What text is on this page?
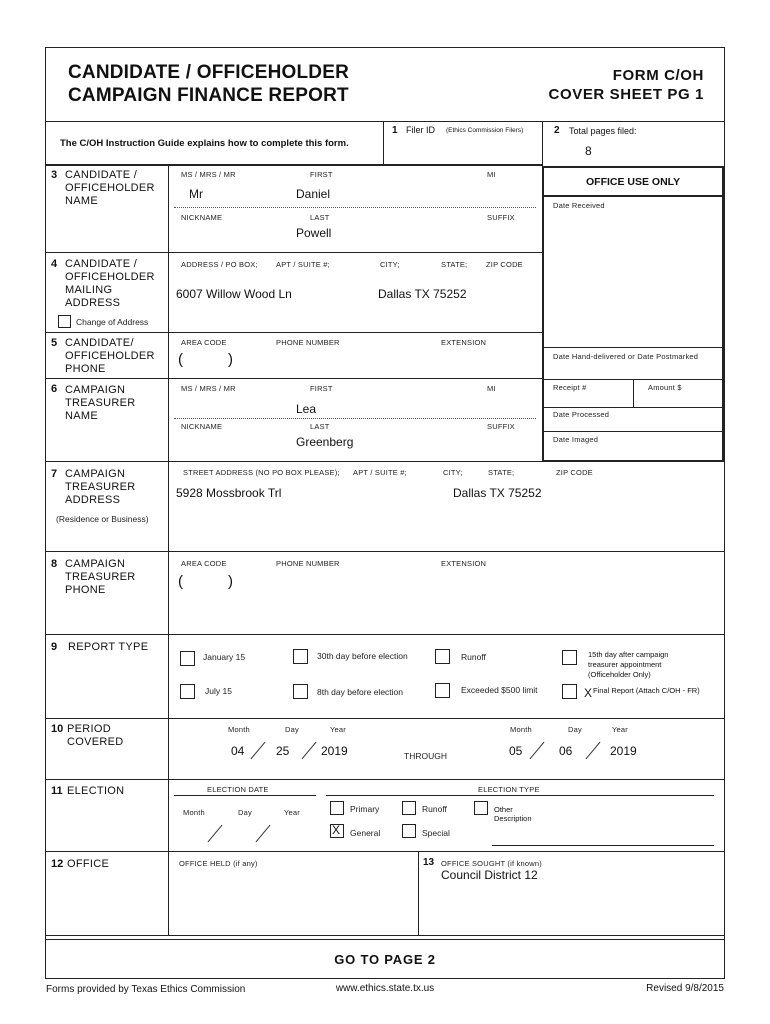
CANDIDATE / OFFICEHOLDER
CAMPAIGN FINANCE REPORT
FORM C/OH
COVER SHEET PG 1
The C/OH Instruction Guide explains how to complete this form.
1 Filer ID (Ethics Commission Filers)	2 Total pages filed:
8
OFFICE USE ONLY
Date Received
Date Hand-delivered or Date Postmarked
Receipt #	Amount $
Date Processed
Date Imaged
3 CANDIDATE /
OFFICEHOLDER
NAME
MS / MRS / MR	FIRST	MI
Mr	Daniel
NICKNAME	LAST	SUFFIX
Powell
4 CANDIDATE /
OFFICEHOLDER
MAILING
ADDRESS
ADDRESS / PO BOX; APT / SUITE #;	CITY;	STATE; ZIP CODE
6007 Willow Wood Ln	Dallas TX 75252
Change of Address
5 CANDIDATE/
OFFICEHOLDER
PHONE
AREA CODE	PHONE NUMBER	EXTENSION
(	)
6 CAMPAIGN
TREASURER
NAME
MS / MRS / MR	FIRST	MI
Lea
NICKNAME	LAST	SUFFIX
Greenberg
7 CAMPAIGN
TREASURER
ADDRESS
(Residence or Business)
STREET ADDRESS (NO PO BOX PLEASE); APT / SUITE #;	CITY;	STATE;	ZIP CODE
5928 Mossbrook Trl	Dallas TX 75252
8 CAMPAIGN
TREASURER
PHONE
AREA CODE	PHONE NUMBER	EXTENSION
(	)
9 REPORT TYPE
January 15	30th day before election	Runoff	15th day after campaign
treasurer appointment
(Officeholder Only)
July 15	8th day before election	Exceeded $500 limit	X Final Report (Attach C/OH - FR)
10 PERIOD
COVERED
Month	Day	Year
04	25	2019	THROUGH
Month	Day	Year
05	06	2019
11 ELECTION	ELECTION DATE
Month	Day	Year
ELECTION TYPE
Primary	Runoff	Other
Description
X General	Special
12 OFFICE	OFFICE HELD (if any)	13 OFFICE SOUGHT (if known)
Council District 12
GO TO PAGE 2
Forms provided by Texas Ethics Commission	www.ethics.state.tx.us	Revised 9/8/2015
